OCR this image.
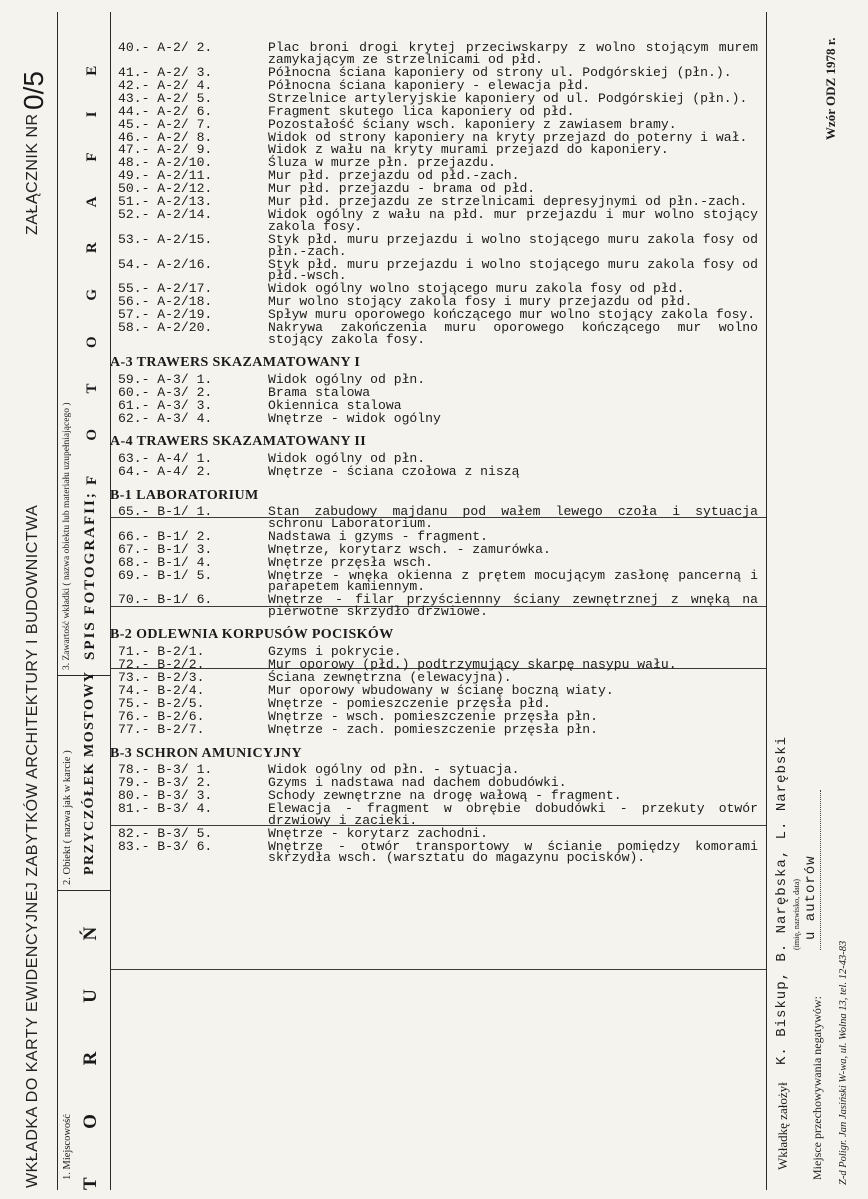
WKŁADKA DO KARTY EWIDENCYJNEJ ZABYTKÓW ARCHITEKTURY I BUDOWNICTWA
ZAŁĄCZNIK NR
0/5
1. Miejscowość T O R U Ń
2. Obiekt ( nazwa jak w karcie ) PRZYCZÓŁEK MOSTOWY
3. Zawartość wkładki ( nazwa obiektu lub materiału uzupełniającego ) SPIS FOTOGRAFII;
F O T O G R A F I E
40.- A-2/ 2.	Plac broni drogi krytej przeciwskarpy z wolno stojącym murem zamykającym ze strzelnicami od płd.
41.- A-2/ 3.	Północna ściana kaponiery od strony ul. Podgórskiej (płn.).
42.- A-2/ 4.	Północna ściana kaponiery - elewacja płd.
43.- A-2/ 5.	Strzelnice artyleryjskie kaponiery od ul. Podgórskiej (płn.).
44.- A-2/ 6.	Fragment skutego lica kaponiery od płd.
45.- A-2/ 7.	Pozostałość ściany wsch. kaponiery z zawiasem bramy.
46.- A-2/ 8.	Widok od strony kaponiery na kryty przejazd do poterny i wał.
47.- A-2/ 9.	Widok z wału na kryty murami przejazd do kaponiery.
48.- A-2/10.	Śluza w murze płn. przejazdu.
49.- A-2/11.	Mur płd. przejazdu od płd.-zach.
50.- A-2/12.	Mur płd. przejazdu - brama od płd.
51.- A-2/13.	Mur płd. przejazdu ze strzelnicami depresyjnymi od płn.-zach.
52.- A-2/14.	Widok ogólny z wału na płd. mur przejazdu i mur wolno stojący zakola fosy.
53.- A-2/15.	Styk płd. muru przejazdu i wolno stojącego muru zakola fosy od płn.-zach.
54.- A-2/16.	Styk płd. muru przejazdu i wolno stojącego muru zakola fosy od płd.-wsch.
55.- A-2/17.	Widok ogólny wolno stojącego muru zakola fosy od płd.
56.- A-2/18.	Mur wolno stojący zakola fosy i mury przejazdu od płd.
57.- A-2/19.	Spływ muru oporowego kończącego mur wolno stojący zakola fosy.
58.- A-2/20.	Nakrywa zakończenia muru oporowego kończącego mur wolno stojący zakola fosy.
A-3 TRAWERS SKAZAMATOWANY I
59.- A-3/ 1.	Widok ogólny od płn.
60.- A-3/ 2.	Brama stalowa
61.- A-3/ 3.	Okiennica stalowa
62.- A-3/ 4.	Wnętrze - widok ogólny
A-4 TRAWERS SKAZAMATOWANY II
63.- A-4/ 1.	Widok ogólny od płn.
64.- A-4/ 2.	Wnętrze - ściana czołowa z niszą
B-1 LABORATORIUM
65.- B-1/ 1.	Stan zabudowy majdanu pod wałem lewego czoła i sytuacja schronu Laboratorium.
66.- B-1/ 2.	Nadstawa i gzyms - fragment.
67.- B-1/ 3.	Wnętrze, korytarz wsch. - zamurówka.
68.- B-1/ 4.	Wnętrze przęsła wsch.
69.- B-1/ 5.	Wnętrze - wnęka okienna z prętem mocującym zasłonę pancerną i parapetem kamiennym.
70.- B-1/ 6.	Wnętrze - filar przyściennny ściany zewnętrznej z wnęką na pierwotne skrzydło drzwiowe.
B-2 ODLEWNIA KORPUSÓW POCISKÓW
71.- B-2/1.	Gzyms i pokrycie.
72.- B-2/2.	Mur oporowy (płd.) podtrzymujący skarpę nasypu wału.
73.- B-2/3.	Ściana zewnętrzna (elewacyjna).
74.- B-2/4.	Mur oporowy wbudowany w ścianę boczną wiaty.
75.- B-2/5.	Wnętrze - pomieszczenie przęsła płd.
76.- B-2/6.	Wnętrze - wsch. pomieszczenie przęsła płn.
77.- B-2/7.	Wnętrze - zach. pomieszczenie przęsła płn.
B-3 SCHRON AMUNICYJNY
78.- B-3/ 1.	Widok ogólny od płn. - sytuacja.
79.- B-3/ 2.	Gzyms i nadstawa nad dachem dobudówki.
80.- B-3/ 3.	Schody zewnętrzne na drogę wałową - fragment.
81.- B-3/ 4.	Elewacja - fragment w obrębie dobudówki - przekuty otwór drzwiowy i zacieki.
82.- B-3/ 5.	Wnętrze - korytarz zachodni.
83.- B-3/ 6.	Wnętrze - otwór transportowy w ścianie pomiędzy komorami skrzydła wsch. (warsztatu do magazynu pocisków).
Wzór ODZ 1978 r.
Wkładkę założył
K. Biskup, B. Narębska, L. Narębski (imię, nazwisko, data) u autorów
Miejsce przechowywania negatywów: Z-d Poligr. Jan Jasiński W-wa, ul. Wolna 13, tel. 12-43-83
